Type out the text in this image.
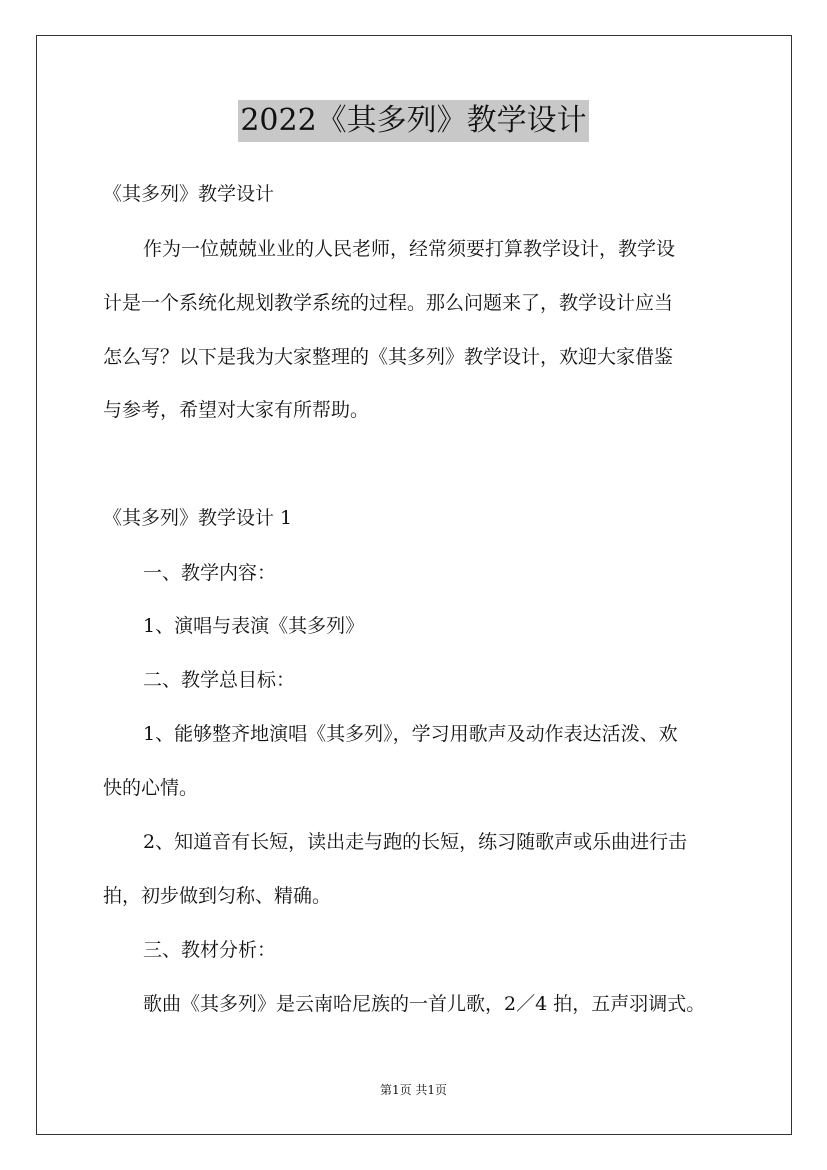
2022《其多列》教学设计
《其多列》教学设计
作为一位兢兢业业的人民老师，经常须要打算教学设计，教学设
计是一个系统化规划教学系统的过程。那么问题来了，教学设计应当
怎么写？以下是我为大家整理的《其多列》教学设计，欢迎大家借鉴
与参考，希望对大家有所帮助。
《其多列》教学设计 1
一、教学内容：
1、演唱与表演《其多列》
二、教学总目标：
1、能够整齐地演唱《其多列》，学习用歌声及动作表达活泼、欢
快的心情。
2、知道音有长短，读出走与跑的长短，练习随歌声或乐曲进行击
拍，初步做到匀称、精确。
三、教材分析：
歌曲《其多列》是云南哈尼族的一首儿歌，2／4 拍，五声羽调式。
第1页 共1页
